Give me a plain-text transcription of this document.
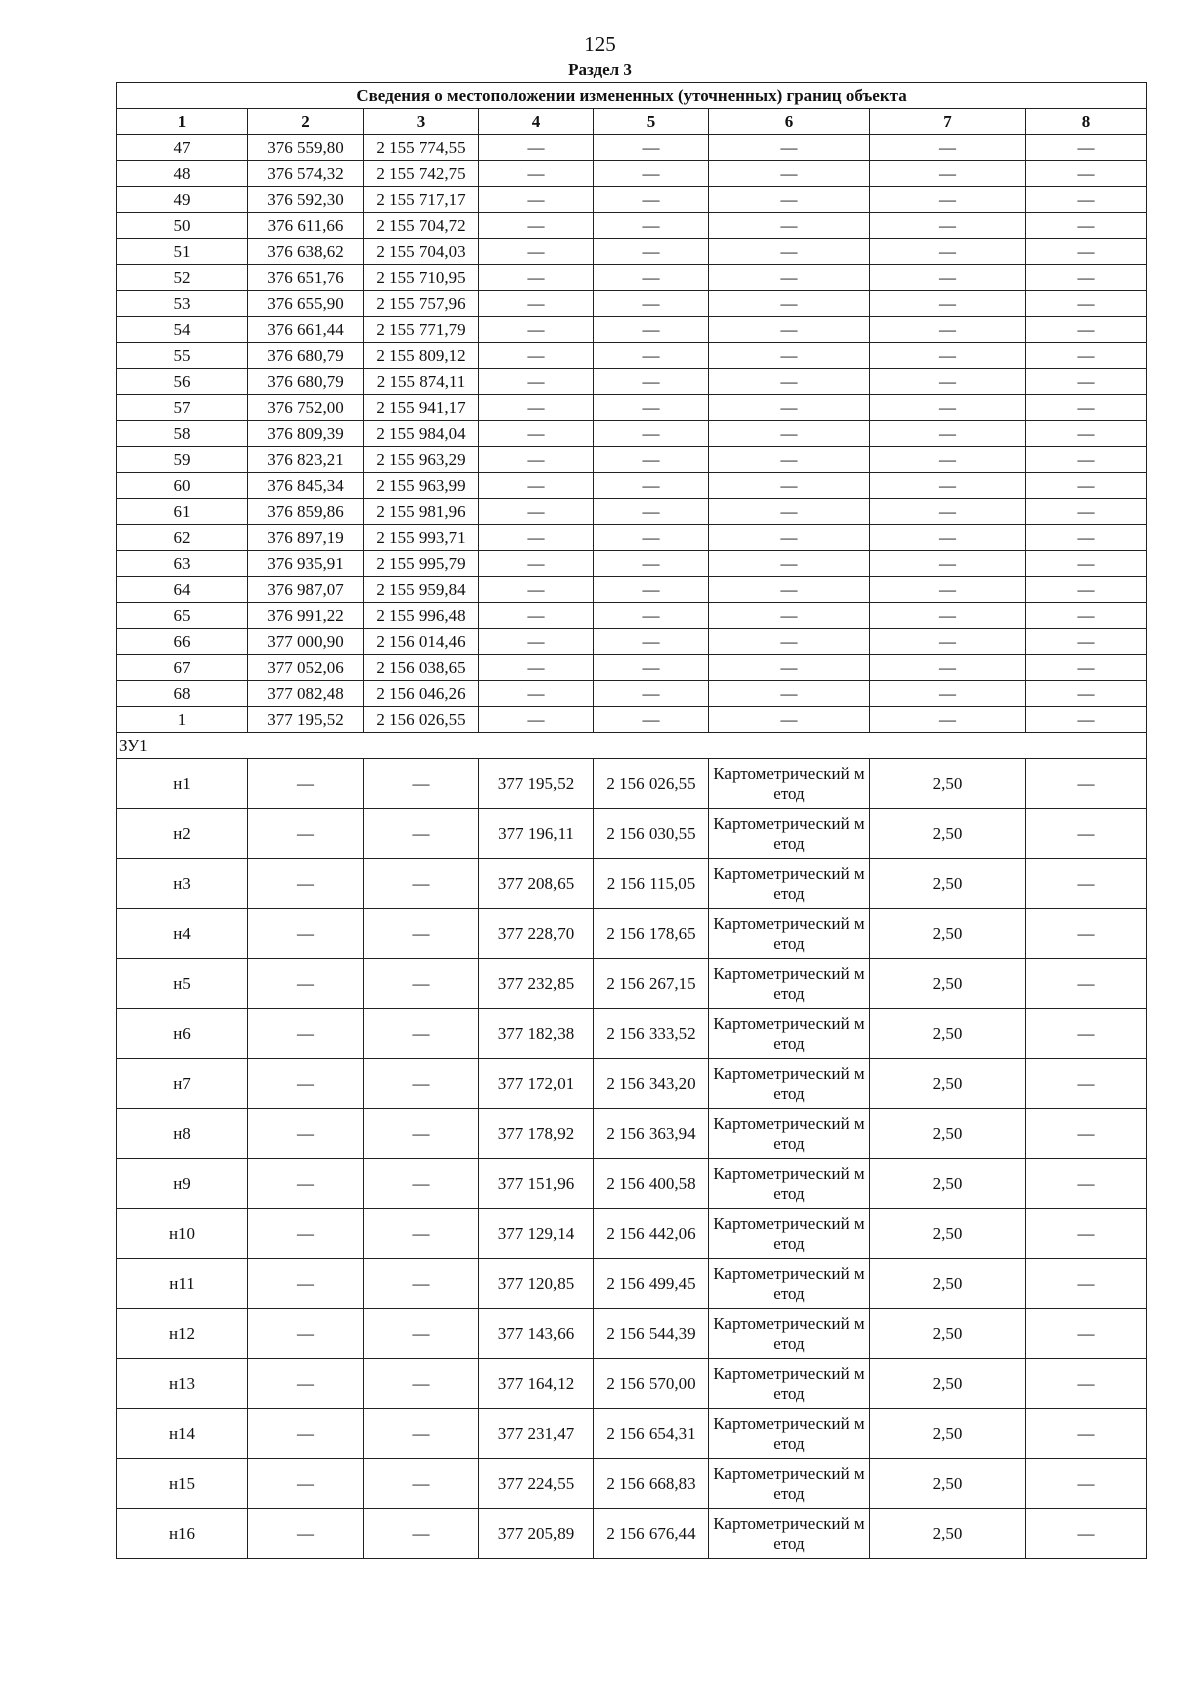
125
Раздел 3
Сведения о местоположении измененных (уточненных) границ объекта							
1	2	3	4	5	6	7	8
47	376 559,80	2 155 774,55	—	—	—	—	—
48	376 574,32	2 155 742,75	—	—	—	—	—
49	376 592,30	2 155 717,17	—	—	—	—	—
50	376 611,66	2 155 704,72	—	—	—	—	—
51	376 638,62	2 155 704,03	—	—	—	—	—
52	376 651,76	2 155 710,95	—	—	—	—	—
53	376 655,90	2 155 757,96	—	—	—	—	—
54	376 661,44	2 155 771,79	—	—	—	—	—
55	376 680,79	2 155 809,12	—	—	—	—	—
56	376 680,79	2 155 874,11	—	—	—	—	—
57	376 752,00	2 155 941,17	—	—	—	—	—
58	376 809,39	2 155 984,04	—	—	—	—	—
59	376 823,21	2 155 963,29	—	—	—	—	—
60	376 845,34	2 155 963,99	—	—	—	—	—
61	376 859,86	2 155 981,96	—	—	—	—	—
62	376 897,19	2 155 993,71	—	—	—	—	—
63	376 935,91	2 155 995,79	—	—	—	—	—
64	376 987,07	2 155 959,84	—	—	—	—	—
65	376 991,22	2 155 996,48	—	—	—	—	—
66	377 000,90	2 156 014,46	—	—	—	—	—
67	377 052,06	2 156 038,65	—	—	—	—	—
68	377 082,48	2 156 046,26	—	—	—	—	—
1	377 195,52	2 156 026,55	—	—	—	—	—
ЗУ1							
н1	—	—	377 195,52	2 156 026,55	Картометрический метод	2,50	—
н2	—	—	377 196,11	2 156 030,55	Картометрический метод	2,50	—
н3	—	—	377 208,65	2 156 115,05	Картометрический метод	2,50	—
н4	—	—	377 228,70	2 156 178,65	Картометрический метод	2,50	—
н5	—	—	377 232,85	2 156 267,15	Картометрический метод	2,50	—
н6	—	—	377 182,38	2 156 333,52	Картометрический метод	2,50	—
н7	—	—	377 172,01	2 156 343,20	Картометрический метод	2,50	—
н8	—	—	377 178,92	2 156 363,94	Картометрический метод	2,50	—
н9	—	—	377 151,96	2 156 400,58	Картометрический метод	2,50	—
н10	—	—	377 129,14	2 156 442,06	Картометрический метод	2,50	—
н11	—	—	377 120,85	2 156 499,45	Картометрический метод	2,50	—
н12	—	—	377 143,66	2 156 544,39	Картометрический метод	2,50	—
н13	—	—	377 164,12	2 156 570,00	Картометрический метод	2,50	—
н14	—	—	377 231,47	2 156 654,31	Картометрический метод	2,50	—
н15	—	—	377 224,55	2 156 668,83	Картометрический метод	2,50	—
н16	—	—	377 205,89	2 156 676,44	Картометрический метод	2,50	—
